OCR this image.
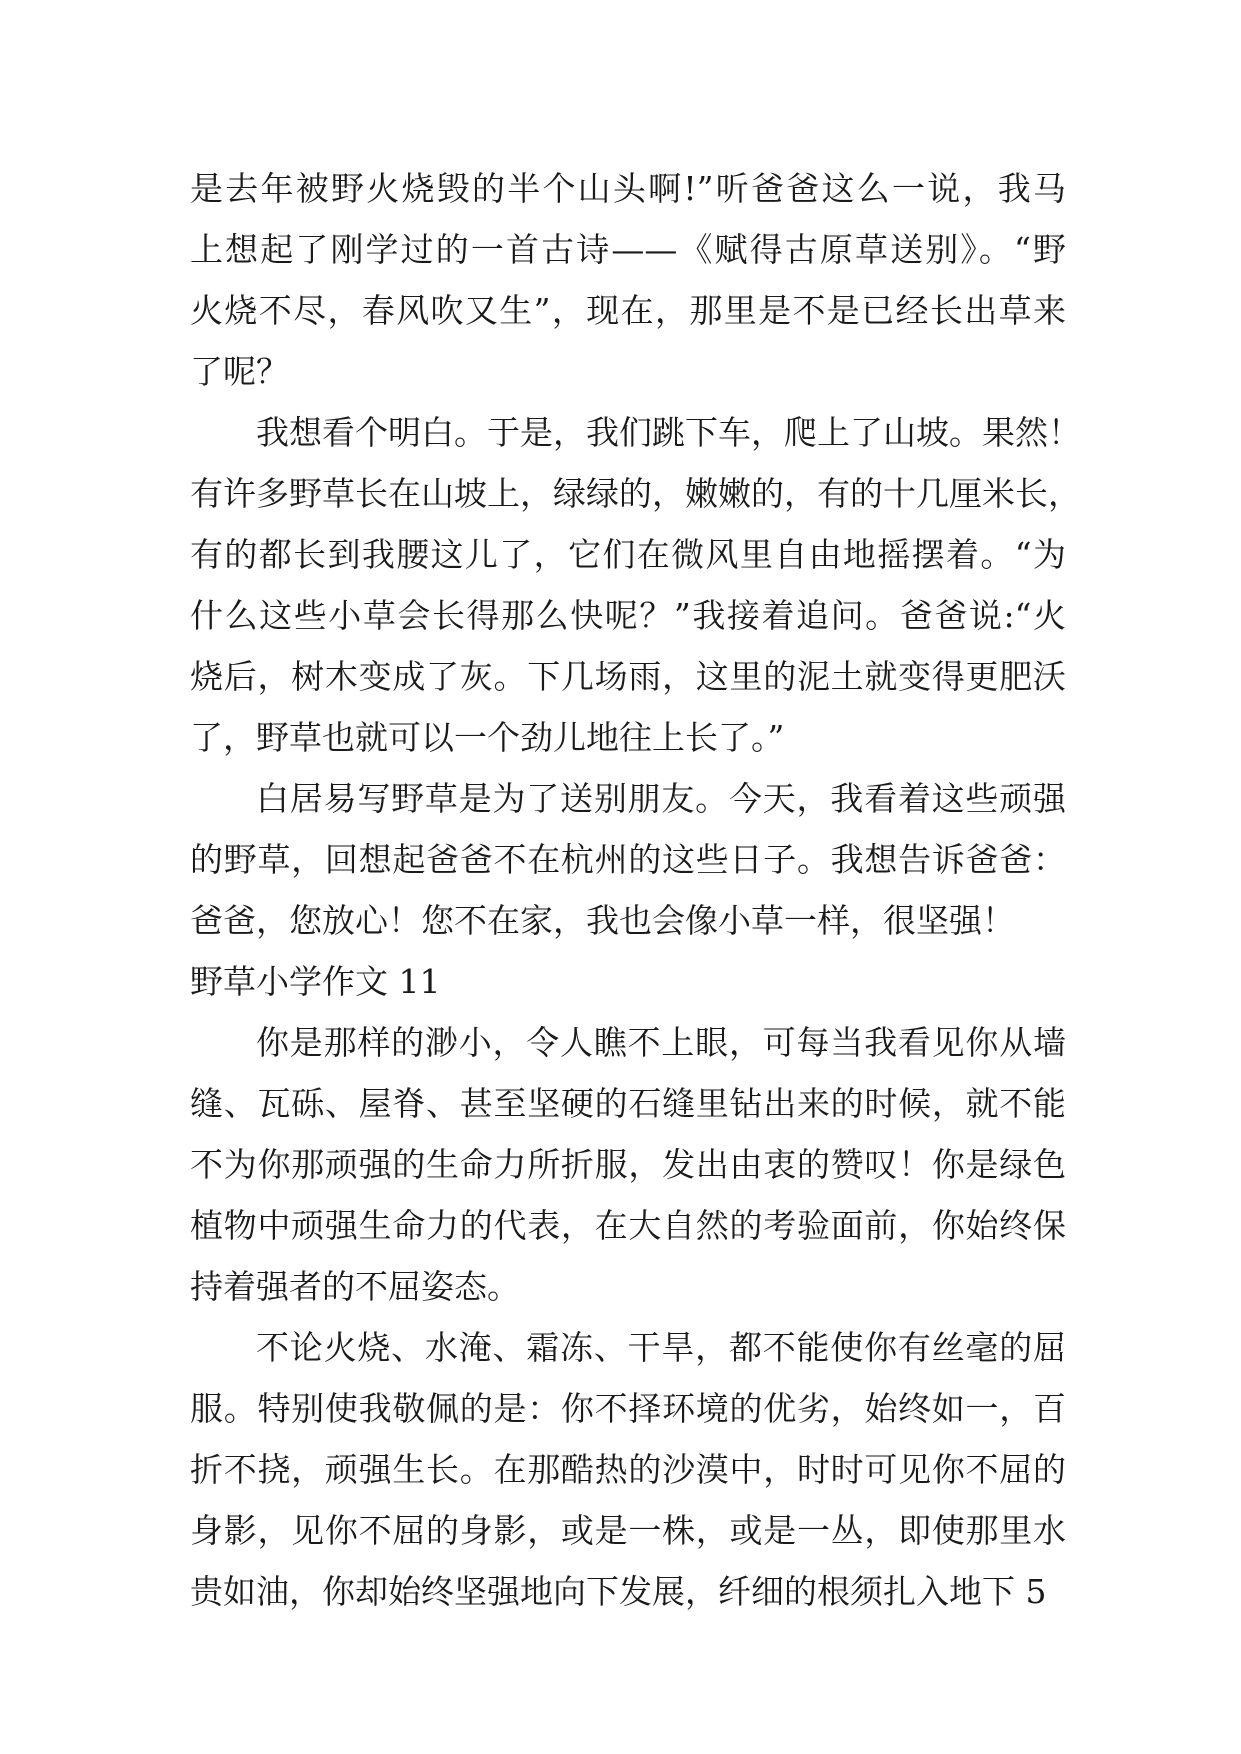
是去年被野火烧毁的半个山头啊!”听爸爸这么一说，我马
上想起了刚学过的一首古诗——《赋得古原草送别》。“野
火烧不尽，春风吹又生”，现在，那里是不是已经长出草来
了呢？
我想看个明白。于是，我们跳下车，爬上了山坡。果然！
有许多野草长在山坡上，绿绿的，嫩嫩的，有的十几厘米长，
有的都长到我腰这儿了，它们在微风里自由地摇摆着。“为
什么这些小草会长得那么快呢？”我接着追问。爸爸说:“火
烧后，树木变成了灰。下几场雨，这里的泥土就变得更肥沃
了，野草也就可以一个劲儿地往上长了。”
白居易写野草是为了送别朋友。今天，我看着这些顽强
的野草，回想起爸爸不在杭州的这些日子。我想告诉爸爸：
爸爸，您放心！您不在家，我也会像小草一样，很坚强！
野草小学作文 11
你是那样的渺小，令人瞧不上眼，可每当我看见你从墙
缝、瓦砾、屋脊、甚至坚硬的石缝里钻出来的时候，就不能
不为你那顽强的生命力所折服，发出由衷的赞叹！你是绿色
植物中顽强生命力的代表，在大自然的考验面前，你始终保
持着强者的不屈姿态。
不论火烧、水淹、霜冻、干旱，都不能使你有丝毫的屈
服。特别使我敬佩的是：你不择环境的优劣，始终如一，百
折不挠，顽强生长。在那酷热的沙漠中，时时可见你不屈的
身影，见你不屈的身影，或是一株，或是一丛，即使那里水
贵如油，你却始终坚强地向下发展，纤细的根须扎入地下 5
